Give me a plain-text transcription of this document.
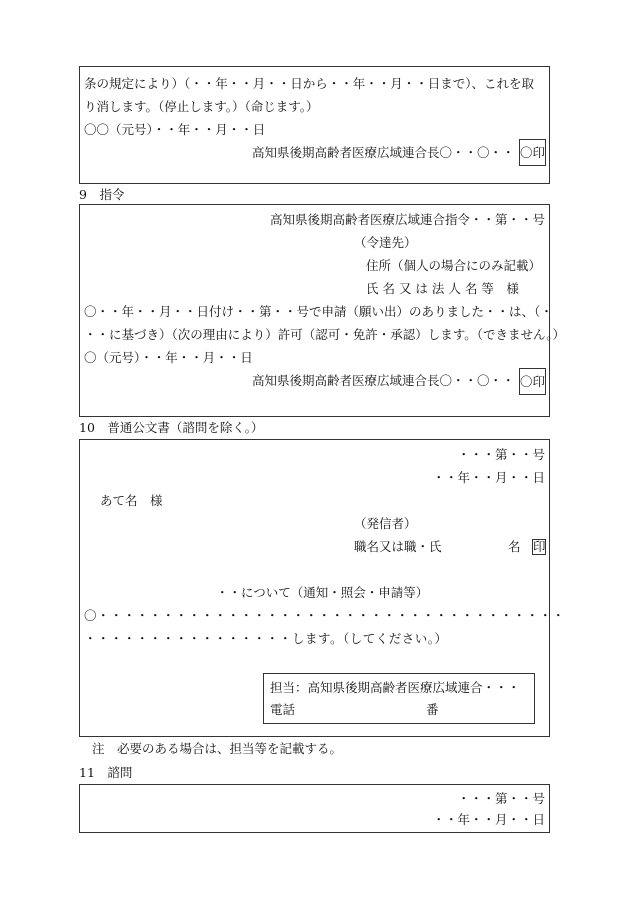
条の規定により）（・・年・・月・・日から・・年・・月・・日まで）、これを取
り消します。（停止します。）（命じます。）
〇〇（元号）・・年・・月・・日
高知県後期高齢者医療広域連合長〇・・〇・・ 〇印
9　指令
高知県後期高齢者医療広域連合指令・・第・・号
（令達先）
住所（個人の場合にのみ記載）
氏 名 又 は 法 人 名 等　様
〇・・年・・月・・日付け・・第・・号で申請（願い出）のありました・・は、（・
・・に基づき）（次の理由により）許可（認可・免許・承認）します。（できません。）
〇（元号）・・年・・月・・日
高知県後期高齢者医療広域連合長〇・・〇・・ 〇印
10　普通公文書（諮問を除く。）
・・・第・・号
・・年・・月・・日
あて名　様
（発信者）
職名又は職・氏	名 印
・・について（通知・照会・申請等）
〇・・・・・・・・・・・・・・・・・・・・・・・・・・・・・・・・・・・・
・・・・・・・・・・・・・・・・します。（してください。）
担当：高知県後期高齢者医療広域連合・・・
電話	番
注　必要のある場合は、担当等を記載する。
11　諮問
・・・第・・号
・・年・・月・・日
